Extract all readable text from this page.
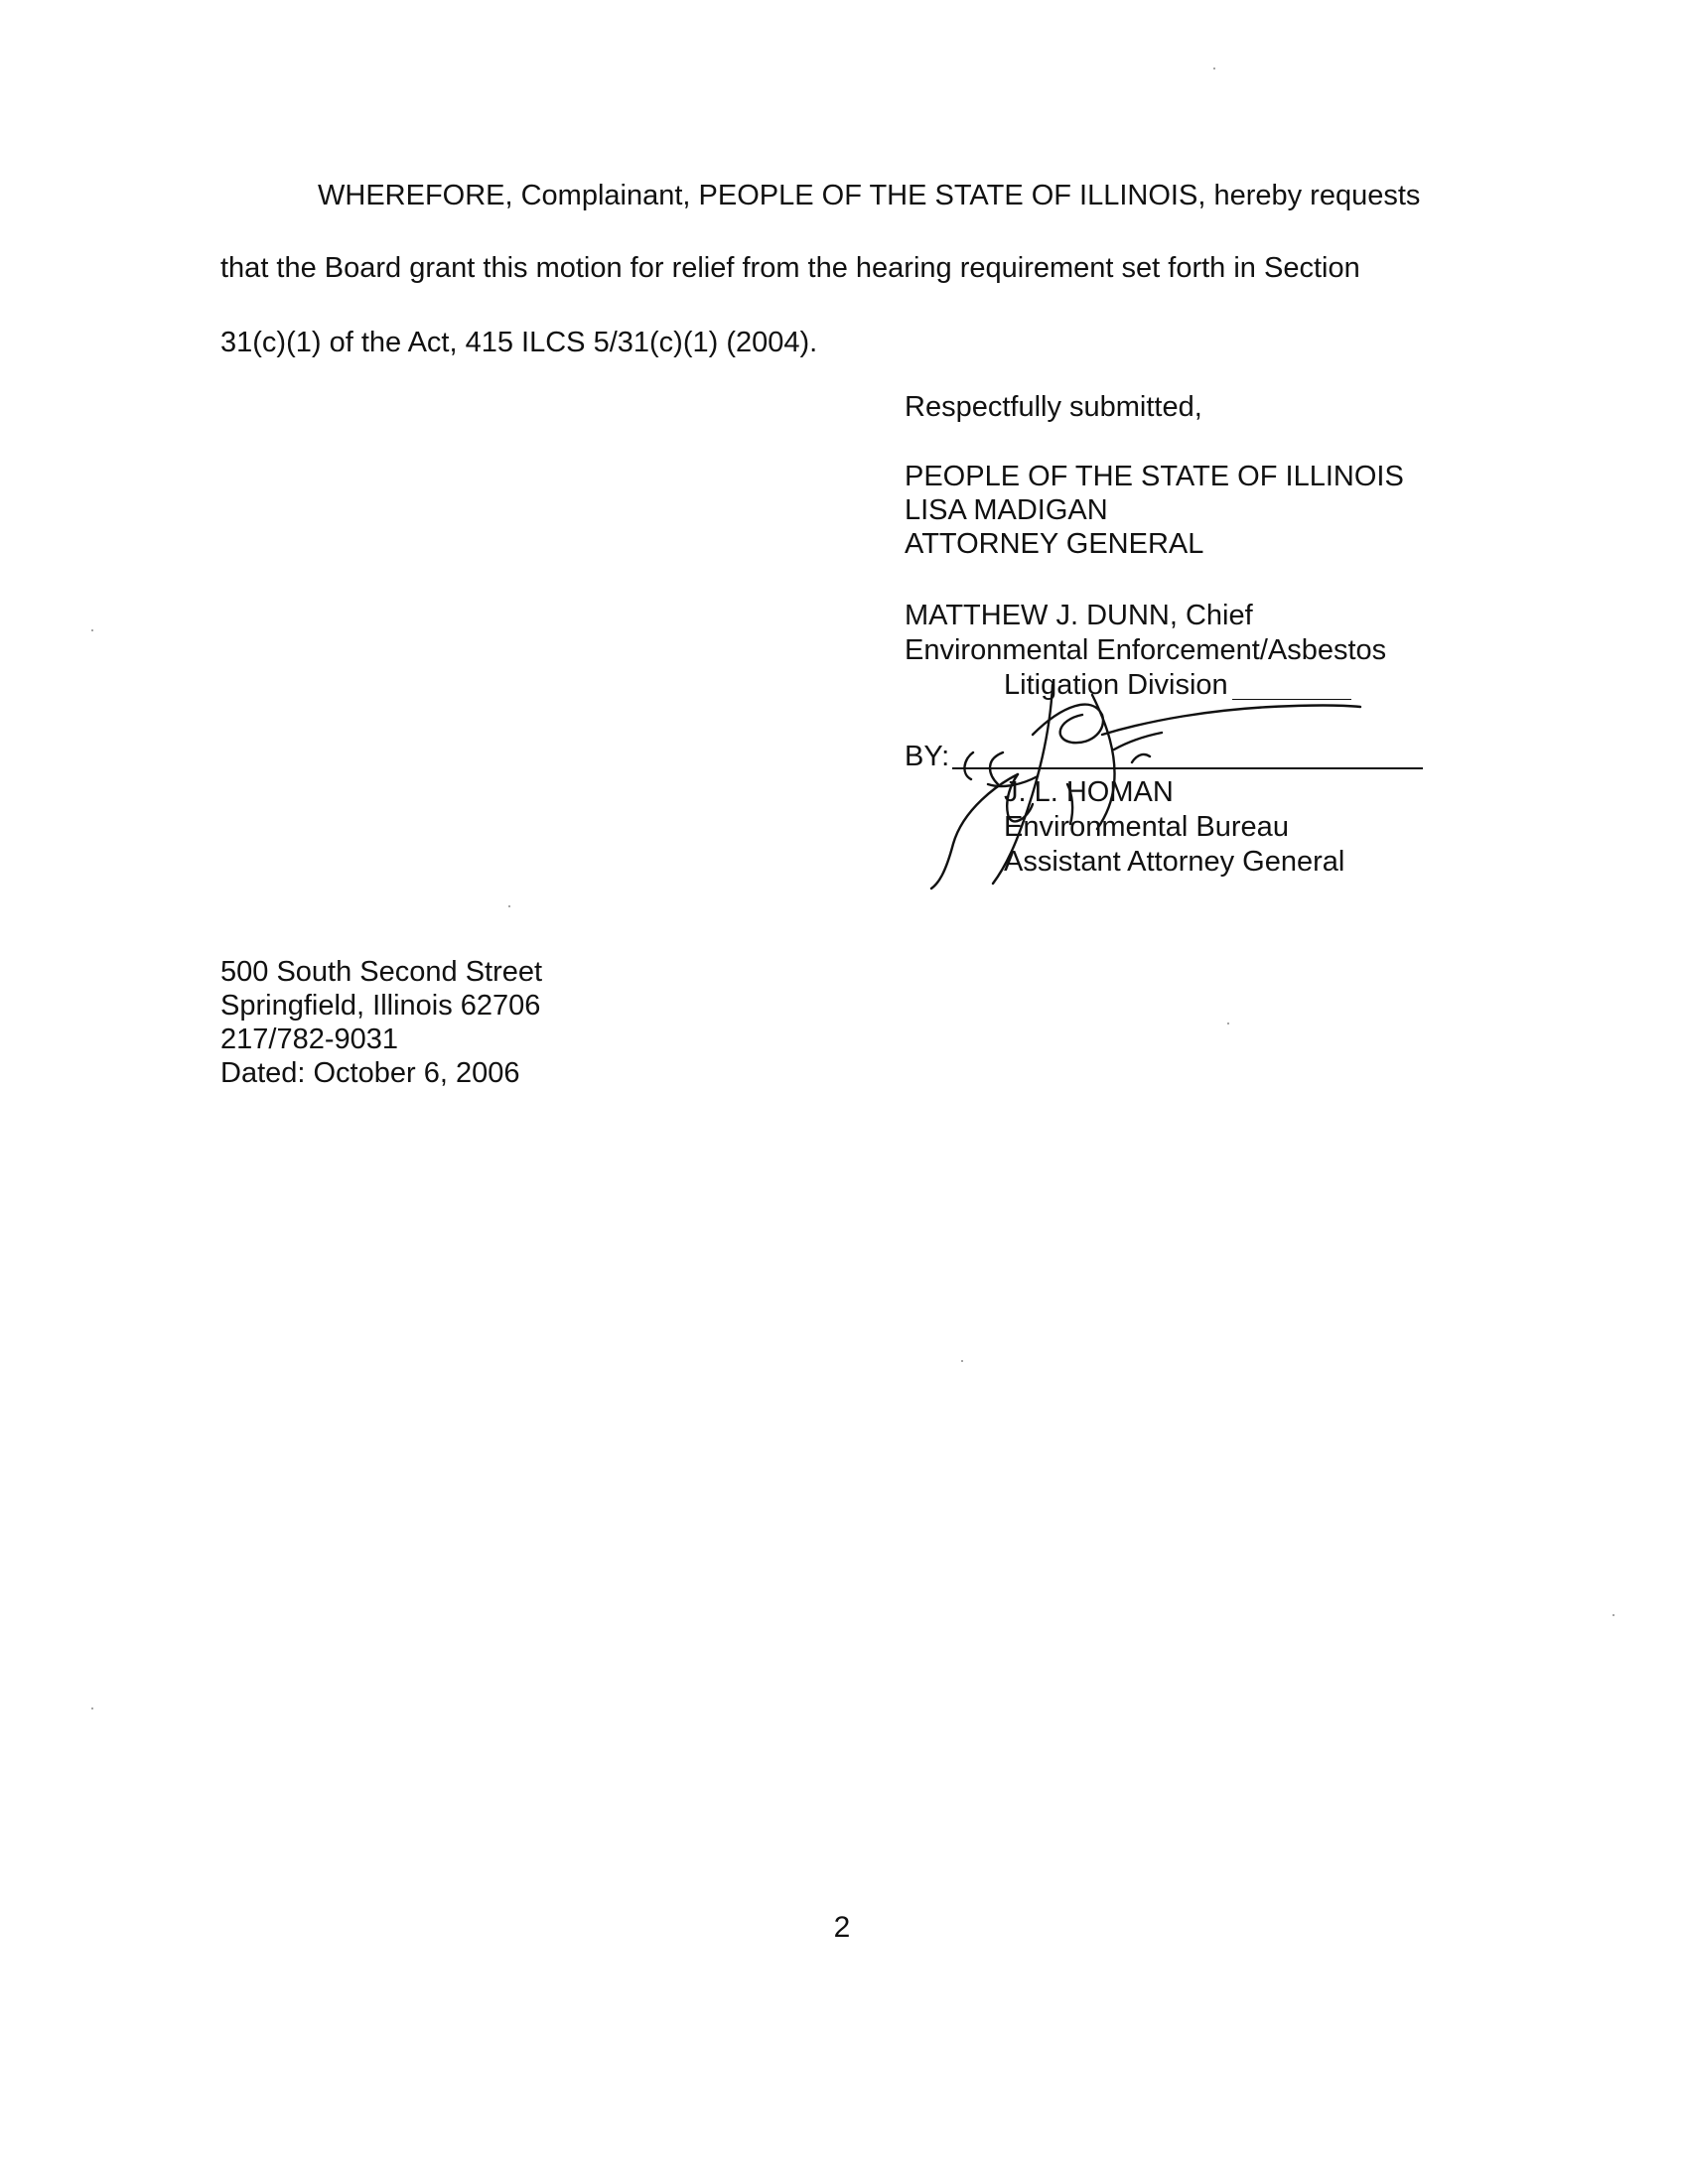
WHEREFORE, Complainant, PEOPLE OF THE STATE OF ILLINOIS, hereby requests
that the Board grant this motion for relief from the hearing requirement set forth in Section
31(c)(1) of the Act, 415 ILCS 5/31(c)(1) (2004).
Respectfully submitted,
PEOPLE OF THE STATE OF ILLINOIS
LISA MADIGAN
ATTORNEY GENERAL
MATTHEW J. DUNN, Chief
Environmental Enforcement/Asbestos
Litigation Division
BY:
J. L. HOMAN
Environmental Bureau
Assistant Attorney General
500 South Second Street
Springfield, Illinois 62706
217/782-9031
Dated: October 6, 2006
2
